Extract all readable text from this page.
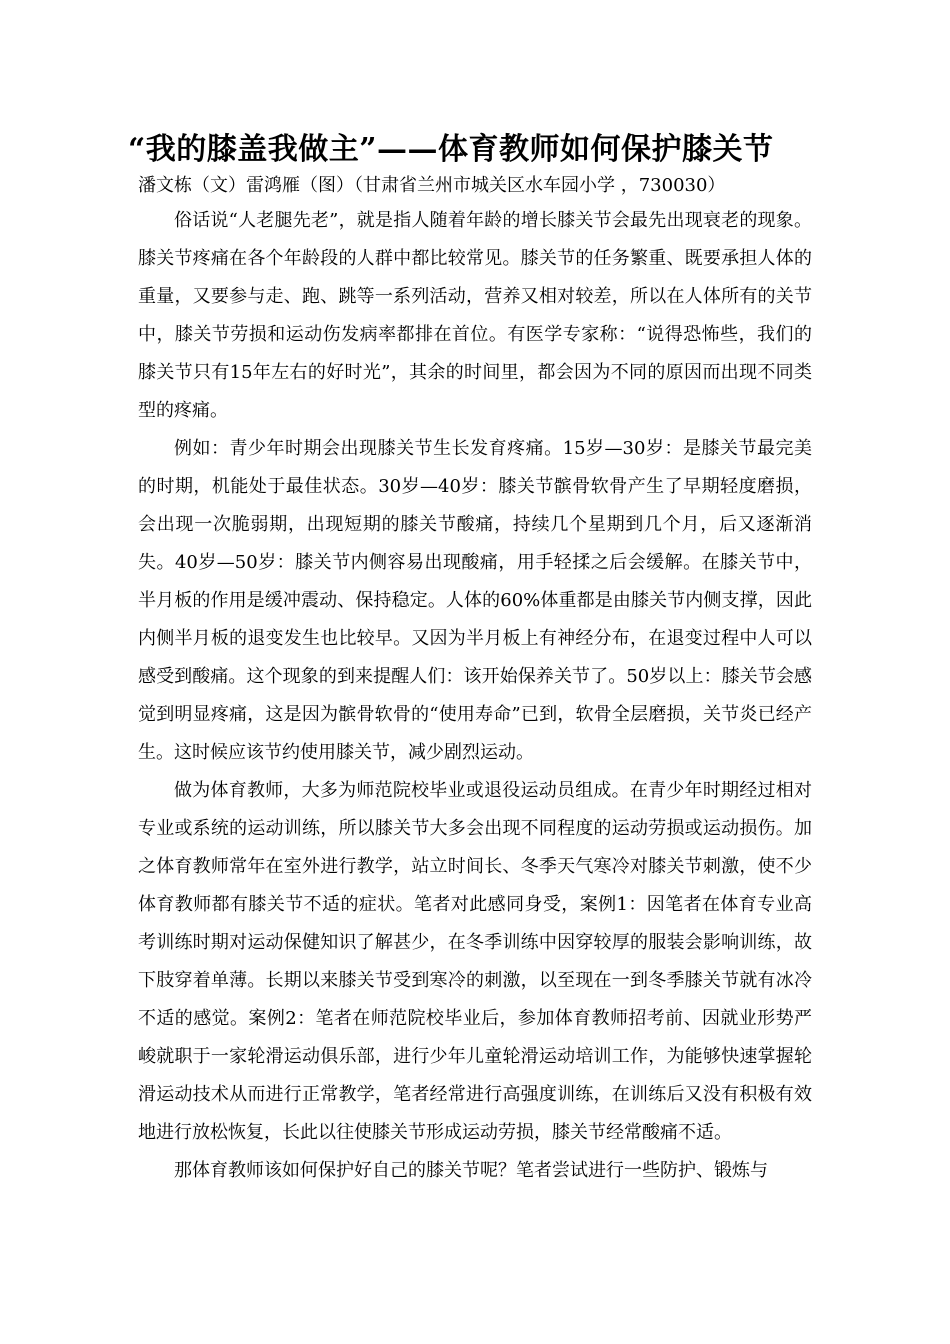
“我的膝盖我做主”——体育教师如何保护膝关节

潘文栋（文）雷鸿雁（图）（甘肃省兰州市城关区水车园小学 ，730030）

俗话说“人老腿先老”，就是指人随着年龄的增长膝关节会最先出现衰老的现象。膝关节疼痛在各个年龄段的人群中都比较常见。膝关节的任务繁重、既要承担人体的重量，又要参与走、跑、跳等一系列活动，营养又相对较差，所以在人体所有的关节中，膝关节劳损和运动伤发病率都排在首位。有医学专家称：“说得恐怖些，我们的膝关节只有15年左右的好时光”，其余的时间里，都会因为不同的原因而出现不同类型的疼痛。

例如：青少年时期会出现膝关节生长发育疼痛。15岁—30岁：是膝关节最完美的时期，机能处于最佳状态。30岁—40岁：膝关节髌骨软骨产生了早期轻度磨损，会出现一次脆弱期，出现短期的膝关节酸痛，持续几个星期到几个月，后又逐渐消失。40岁—50岁：膝关节内侧容易出现酸痛，用手轻揉之后会缓解。在膝关节中，半月板的作用是缓冲震动、保持稳定。人体的60%体重都是由膝关节内侧支撑，因此内侧半月板的退变发生也比较早。又因为半月板上有神经分布，在退变过程中人可以感受到酸痛。这个现象的到来提醒人们：该开始保养关节了。50岁以上：膝关节会感觉到明显疼痛，这是因为髌骨软骨的“使用寿命”已到，软骨全层磨损，关节炎已经产生。这时候应该节约使用膝关节，减少剧烈运动。

做为体育教师，大多为师范院校毕业或退役运动员组成。在青少年时期经过相对专业或系统的运动训练，所以膝关节大多会出现不同程度的运动劳损或运动损伤。加之体育教师常年在室外进行教学，站立时间长、冬季天气寒冷对膝关节刺激，使不少体育教师都有膝关节不适的症状。笔者对此感同身受，案例1：因笔者在体育专业高考训练时期对运动保健知识了解甚少，在冬季训练中因穿较厚的服装会影响训练，故下肢穿着单薄。长期以来膝关节受到寒冷的刺激，以至现在一到冬季膝关节就有冰冷不适的感觉。案例2：笔者在师范院校毕业后，参加体育教师招考前、因就业形势严峻就职于一家轮滑运动俱乐部，进行少年儿童轮滑运动培训工作，为能够快速掌握轮滑运动技术从而进行正常教学，笔者经常进行高强度训练，在训练后又没有积极有效地进行放松恢复，长此以往使膝关节形成运动劳损，膝关节经常酸痛不适。

那体育教师该如何保护好自己的膝关节呢？笔者尝试进行一些防护、锻炼与
